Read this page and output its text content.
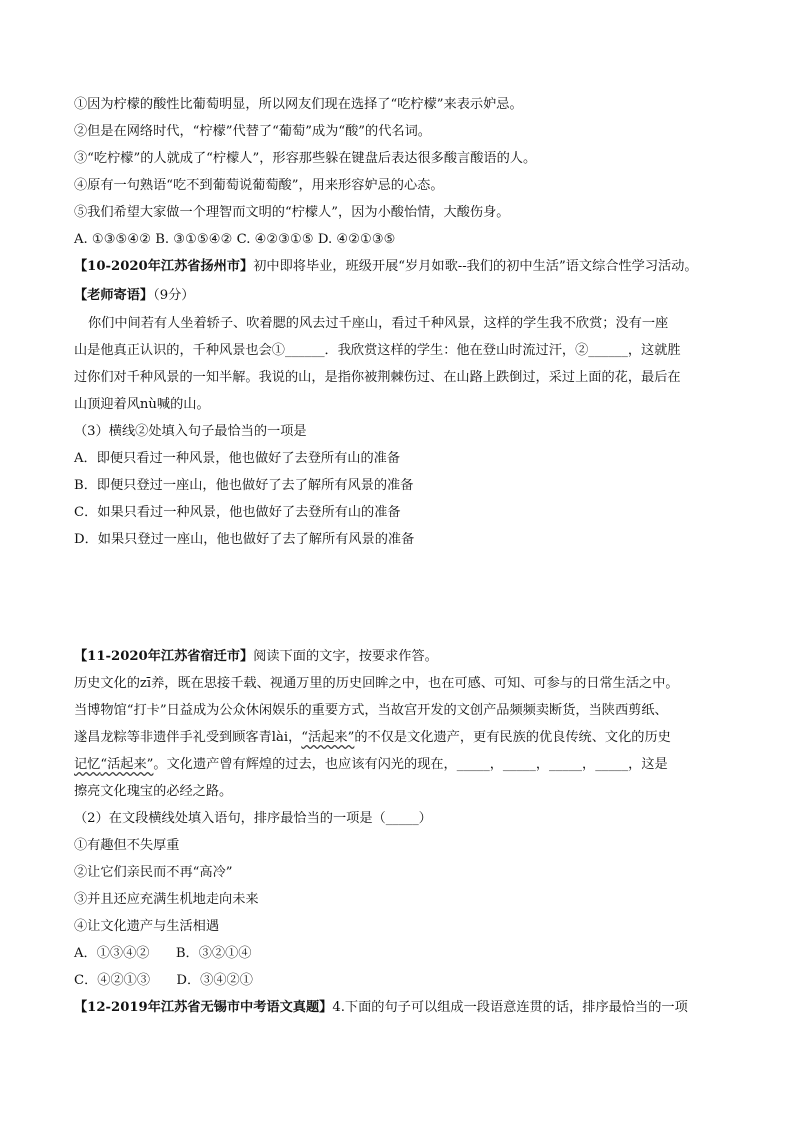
①因为柠檬的酸性比葡萄明显，所以网友们现在选择了“吃柠檬”来表示妒忌。
②但是在网络时代，“柠檬”代替了“葡萄”成为“酸”的代名词。
③“吃柠檬”的人就成了“柠檬人”，形容那些躲在键盘后表达很多酸言酸语的人。
④原有一句熟语“吃不到葡萄说葡萄酸”，用来形容妒忌的心态。
⑤我们希望大家做一个理智而文明的“柠檬人”，因为小酸怡情，大酸伤身。
A. ①③⑤④② B. ③①⑤④② C. ④②③①⑤ D. ④②①③⑤
【10-2020年江苏省扬州市】初中即将毕业，班级开展“岁月如歌--我们的初中生活”语文综合性学习活动。
【老师寄语】（9分）
你们中间若有人坐着轿子、吹着腮的风去过千座山，看过千种风景，这样的学生我不欣赏；没有一座
山是他真正认识的，千种风景也会①______．我欣赏这样的学生：他在登山时流过汗，②______，这就胜
过你们对千种风景的一知半解。我说的山，是指你被荆棘伤过、在山路上跌倒过，采过上面的花，最后在
山顶迎着风nù喊的山。
（3）横线②处填入句子最恰当的一项是
A．即便只看过一种风景，他也做好了去登所有山的准备
B．即便只登过一座山，他也做好了去了解所有风景的准备
C．如果只看过一种风景，他也做好了去登所有山的准备
D．如果只登过一座山，他也做好了去了解所有风景的准备
【11-2020年江苏省宿迁市】阅读下面的文字，按要求作答。
历史文化的zī养，既在思接千载、视通万里的历史回眸之中，也在可感、可知、可参与的日常生活之中。
当博物馆“打卡”日益成为公众休闲娱乐的重要方式，当故宫开发的文创产品频频卖断货，当陕西剪纸、
遂昌龙粽等非遗伴手礼受到顾客青lài，“活起来”的不仅是文化遗产，更有民族的优良传统、文化的历史
记忆“活起来”。文化遗产曾有辉煌的过去，也应该有闪光的现在，_____，_____，_____，_____，这是
擦亮文化瑰宝的必经之路。
（2）在文段横线处填入语句，排序最恰当的一项是（_____）
①有趣但不失厚重
②让它们亲民而不再“高冷”
③并且还应充满生机地走向未来
④让文化遗产与生活相遇
A．①③④②　　B．③②①④
C．④②①③　　D．③④②①
【12-2019年江苏省无锡市中考语文真题】4.下面的句子可以组成一段语意连贯的话，排序最恰当的一项
